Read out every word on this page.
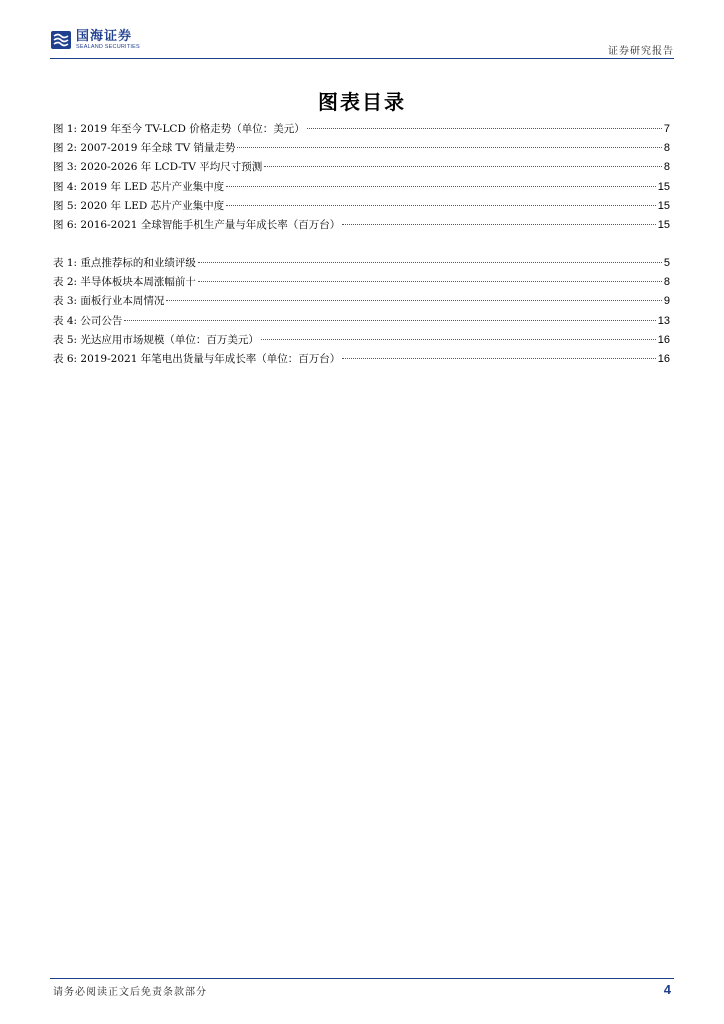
国海证券
SEALAND SECURITIES	证券研究报告
图表目录
图 1: 2019 年至今 TV-LCD 价格走势（单位：美元）	7
图 2: 2007-2019 年全球 TV 销量走势	8
图 3: 2020-2026 年 LCD-TV 平均尺寸预测	8
图 4: 2019 年 LED 芯片产业集中度	15
图 5: 2020 年 LED 芯片产业集中度	15
图 6: 2016-2021 全球智能手机生产量与年成长率（百万台）	15
表 1: 重点推荐标的和业绩评级	5
表 2: 半导体板块本周涨幅前十	8
表 3: 面板行业本周情况	9
表 4: 公司公告	13
表 5: 光达应用市场规模（单位：百万美元）	16
表 6: 2019-2021 年笔电出货量与年成长率（单位：百万台）	16
请务必阅读正文后免责条款部分	4
